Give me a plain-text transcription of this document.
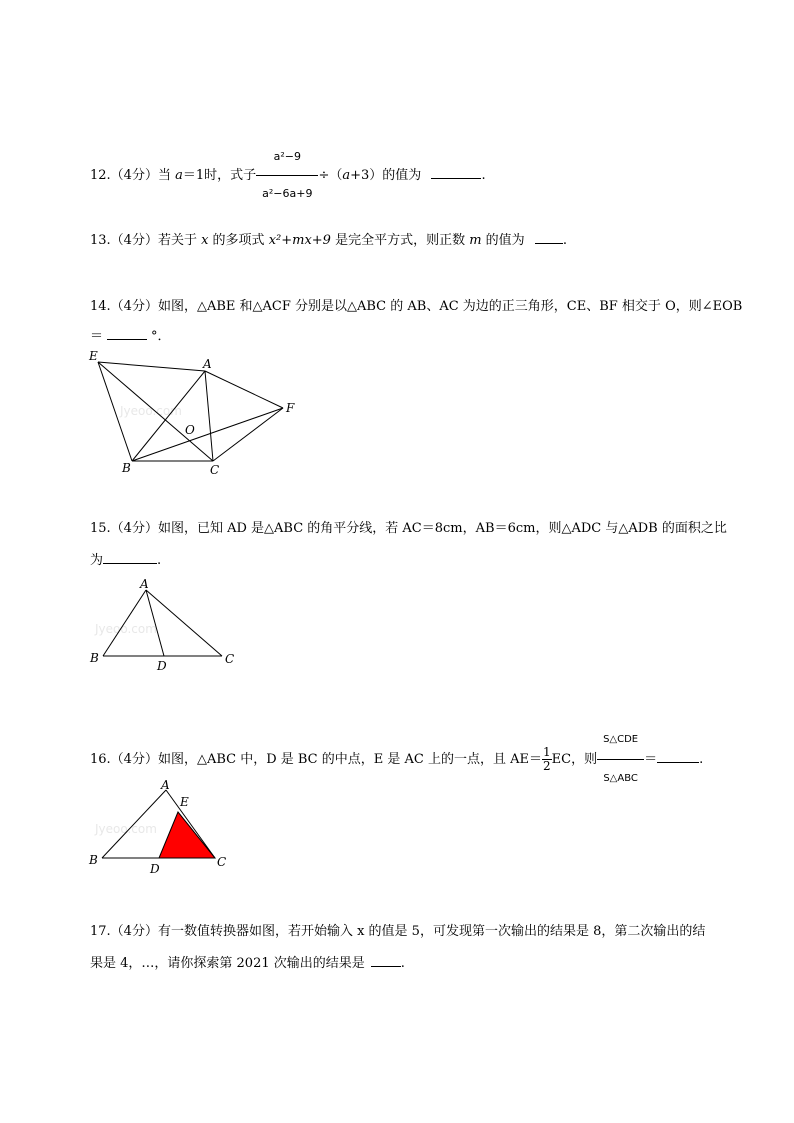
12.（4分）当 a＝1时，式子 $\frac{\text{a²−9}}{\text{a²−6a+9}} \div(a+3)$的值为	.
13.（4分）若关于 x 的多项式 x²+mx+9 是完全平方式，则正数 m 的值为	.
14.（4分）如图，△ABE 和△ACF 分别是以△ABC 的 AB、AC 为边的正三角形，CE、BF 相交于 O，则∠EOB
＝	°．
Jyeoo.com
E
A
F
O
B	C
15.（4分）如图，已知 AD 是△ABC 的角平分线，若 AC＝8cm，AB＝6cm，则△ADC 与△ADB 的面积之比
为	.
Jyeoo.com
A
B	C
D
16.（4分）如图，△ABC 中，D 是 BC 的中点，E 是 AC 上的一点，且 $AE= \frac{1}{2}$ EC，则 $\frac{\text{S△CDE}}{\text{S△ABC}}$ ＝	.
Jyeoo.com
A
B	C
D
E
17.（4分）有一数值转换器如图，若开始输入 x 的值是 5，可发现第一次输出的结果是 8，第二次输出的结
果是 4，…，请你探索第 2021 次输出的结果是	.
